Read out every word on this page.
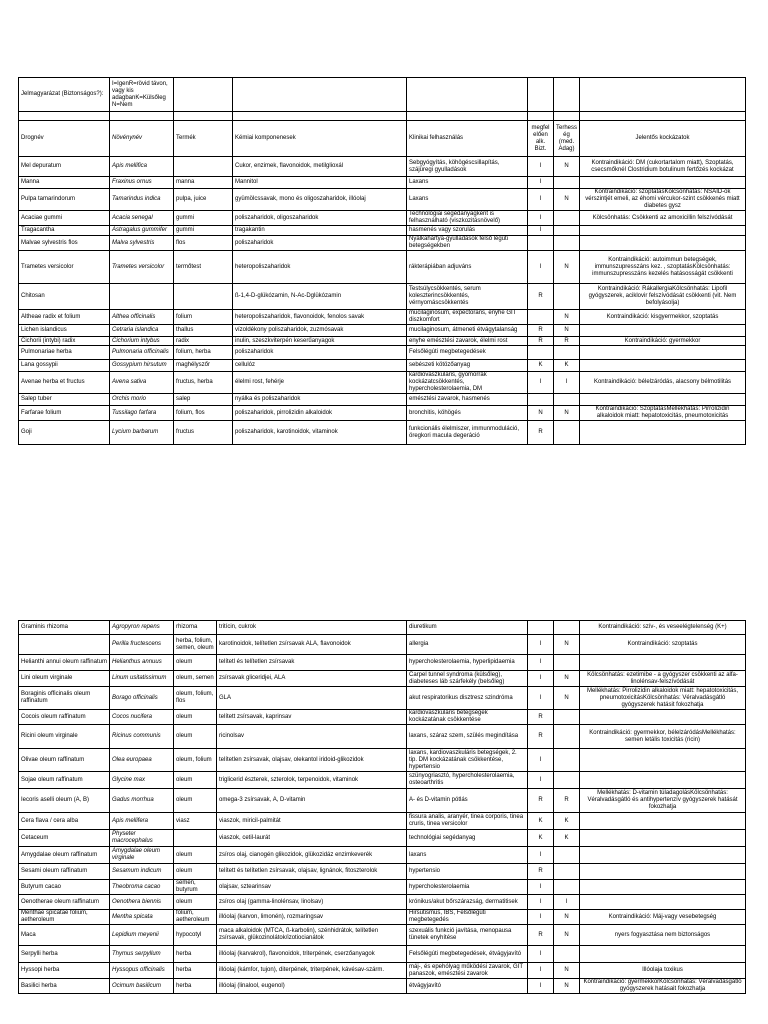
Jelmagyarázat (Biztonságos?):	I=IgenR=rövid távon, vagy kis adagbanK=Külsőleg N=Nem						

Drognév	Növénynév	Termék	Kémiai komponenesek	Klinikai felhasználás	megfelelően alk. Bizt.	Terhesség (med. Adag)	Jelentős kockázatok
Mel depuratum	Apis mellifica		Cukor, enzimek, flavonoidok, metilglioxál	Sebgyógyítás, köhögéscsillapítás, szájüregi gyulladások	I	N	Kontraindikáció: DM (cukortartalom miatt), Szoptatás, csecsmőknél Clostridium botulinum fertőzés kockázat
Manna	Fraxinus ornus	manna	Mannitol	Laxans	I		
Pulpa tamarindorum	Tamarindus indica	pulpa, juice	gyümölcssavak, mono és oligoszaharidok, illóolaj	Laxans	I	N	Kontraindikáció: szoptatásKölcsönhatás: NSAID-ok vérszintjét emeli, az éhomi vércukor-szint csökkenés miatt diabetes gysz
Acaciae gummi	Acacia senegal	gummi	poliszaharidok, oligoszaharidok	Technológiai segédanyagként is felhasználható (viszkozitásnövelő)	I		Kölcsönhatás: Csökkenti az amoxicillin felszívódását
Tragacantha	Astragalus gummifer	gummi	tragakantin	hasmenés vagy szorulás	I		
Malvae sylvestris flos	Malva sylvestris	flos	poliszaharidok	Nyálkahártya-gyulladások felső légúti betegségekben			
Trametes versicolor	Trametes versicolor	termőtest	heteropoliszaharidok	rákterápiában adjuváns	I	N	Kontraindikáció: autoimmun betegségek, immunszupresszáns kez. , szoptatásKölcsönhatás: immunszupresszáns kezelés hatásosságát csökkenti
Chitosan			ß-1,4-D-glükózamin, N-Ac-Dglükózamin	Testsúlycsökkentés, serum koleszterincsökkentés, vérnyomáscsökkentés	R		Kontraindikáció: RákallergiaKölcsönhatás: Lipofil gyógyszerek, aciklovir felszívódását csökkenti (vit. Nem befolyásolja)
Altheae radix et folium	Althea officinalis	folium	heteropoliszaharidok, flavonoidok, fenolos savak	mucilaginosum, expectorans, enyhe GIT diszkomfort		N	Kontraindikáció: kisgyermekkor, szoptatás
Lichen islandicus	Cetraria islandica	thallus	vízoldékony poliszaharidok, zuzmósavak	mucilaginosum, átmeneti étvágytalanság	R	N	
Cichorii (intybi) radix	Cichorium intybus	radix	inulin, szeszkviterpén keserűanyagok	enyhe emésztési zavarok, élelmi rost	R	R	Kontraindikáció: gyermekkor
Pulmonariae herba	Pulmonaria officinalis	folium, herba	poliszaharidok	Felsőlégúti megbetegedések			
Lana gossypii	Gossypium hirsutum	maghélyszőr	cellulóz	sebészeti kötözőanyag	K	K	
Avenae herba et fructus	Avena sativa	fructus, herba	élelmi rost, fehérje	kardiovaszkuláris, gyomorrák kockázatcsökkentés, hypercholesterolaemia, DM	I	I	Kontraindikáció: bélelzáródás, alacsony bélmotilitás
Salep tuber	Orchis morio	salep	nyálka és poliszaharidok	emésztési zavarok, hasmenés			
Farfarae folium	Tussilago farfara	folium, flos	poliszaharidok, pirrolizidin alkaloidok	bronchitis, köhögés	N	N	Kontraindikáció: SzoptatásMellékhatás: Pirrolizidin alkaloidok miatt: hepatotoxicitás, pneumotoxicitás
Goji	Lycium barbarum	fructus	poliszaharidok, karotinoidok, vitaminok	funkcionális élelmiszer, immunmoduláció, öregkori macula degeráció	R		
Graminis rhizoma	Agropyron repens	rhizoma	tritícin, cukrok	diuretikum			Kontraindikáció: szív-, és veseelégtelenség (K+)
	Perilla fructescens	herba, folium, semen, oleum	karotinoidok, telítetlen zsírsavak ALA, flavonoidok	allergia	I	N	Kontraindikáció: szoptatás
Helianthi annui oleum raffinatum	Helianthus annuus	oleum	telítetl és telítetlen zsírsavak	hypercholesterolaemia, hyperlipidaemia	I		
Lini oleum virginale	Linum usitatissimum	oleum, semen	zsírsavak gliceridjei, ALA	Carpel tunnel syndroma (külsőleg), diabeteses láb szárfekély (belsőleg)	I	N	Kölcsönhatás: ezetimibe - a gyógyszer csökkenti az alfa-linolénsav-felszívódását
Boraginis officinalis oleum raffinatum	Borago officinalis	oleum, folium, flos	GLA	akut respiratorikus disztresz szindróma	I	N	Mellékhatás: Pirrolizidin alkaloidok miatt: hepatotoxicitás, pneumotoxicitásKölcsönhatás: Véralvadásgátló gyógyszerek hatásit fokozhatja
Cocois oleum raffinatum	Cocos nucifera	oleum	telített zsírsavak, kaprinsav	kardiovaszkuláris betegségek kockázatának csökkentése	R		
Ricini oleum virginale	Ricinus communis	oleum	ricinolsav	laxans, száraz szem, szülés megindítása	R		Kontraindikáció: gyermekkor, bélelzáródásMellékhatás: semen letális toxicitás (ricin)
Olivae oleum raffinatum	Olea europaea	oleum, folium	telítetlen zsírsavak, olajsav, olekantol iridoid-glikozidok	laxans, kardiovaszkuláris betegségek, 2. tip. DM kockázatának csökkentése, hypertensio	I		
Sojae oleum raffinatum	Glycine max	oleum	triglicerid észterek, szterolok, terpenoidok, vitaminok	szünyogriasztó, hypercholesterolaemia, osteoarthritis	I		
Iecoris aselli oleum (A, B)	Gadus morrhua	oleum	omega-3 zsírsavak, A, D-vitamin	A- és D-vitamin pótlás	R	R	Mellékhatás: D-vitamin túladagolásKölcsönhatás: Véralvadásgátló és antihypertenzív gyógyszerek hatását fokozhatja
Cera flava / cera alba	Apis mellifera	viasz	viaszok, miricil-palmitát	fissura analis, aranyér, tinea corporis, tinea cruris, tinea versicolor	K	K	
Cetaceum	Physeter macrocephalus		viaszok, cetil-laurát	technológiai segédanyag	K	K	
Amygdalae oleum raffinatum	Amygdalae oleum virginale	oleum	zsíros olaj, cianogén glikozidok, glükozidáz enzimkeverék	laxans	I		
Sesami oleum raffinatum	Sesamum indicum	oleum	telített és telítetlen zsírsavak, olajsav, lignánok, fitoszterolok	hypertensio	R		
Butyrum cacao	Theobroma cacao	semen, butyrum	olajsav, sztearinsav	hypercholesterolaemia	I		
Oenotherae oleum raffinatum	Oenothera biennis	oleum	zsíros olaj (gamma-linolénsav, linolsav)	krónikus/akut bőrszárazság, dermatitisek	I	I	
Menthae spicatae folium, aetheroleum	Mentha spicata	folium, aetheroleum	illóolaj (karvon, limonén), rozmaringsav	Hirsutismus, IBS, Felsőlégúti megbetegedés	I	N	Kontraindikáció: Máj-vagy vesebetegség
Maca	Lepidium meyenii	hypocotyl	maca alkaloidok (MTCA, ß-karbolin), szénhidrátok, telítetlen zsírsavak, glükozinolátok/izotiocianátok	szexuális funkció javítása, menopausa tünetek enyhítése	R	N	nyers fogyasztása nem biztonságos
Serpylli herba	Thymus serpyllum	herba	illóolaj (karvakrol), flavonoidok, triterpének, cserzőanyagok	Felsőlégúti megbetegedések, étvágyjavító	I		
Hyssopi herba	Hyssopus officinalis	herba	illóolaj (kámfor, tujon), diterpének, triterpének, kávésav-szárm.	máj-, és epehólyag működési zavarok, GIT panaszok, emésztési zavarok	I	N	Illóolaja toxikus
Basilici herba	Ocimum basilicum	herba	illóolaj (linalool, eugenol)	étvágyjavító	I	N	Kontraindikáció: gyermekkorKölcsönhatás: Véralvadásgátló gyógyszerek hatásait fokozhatja
